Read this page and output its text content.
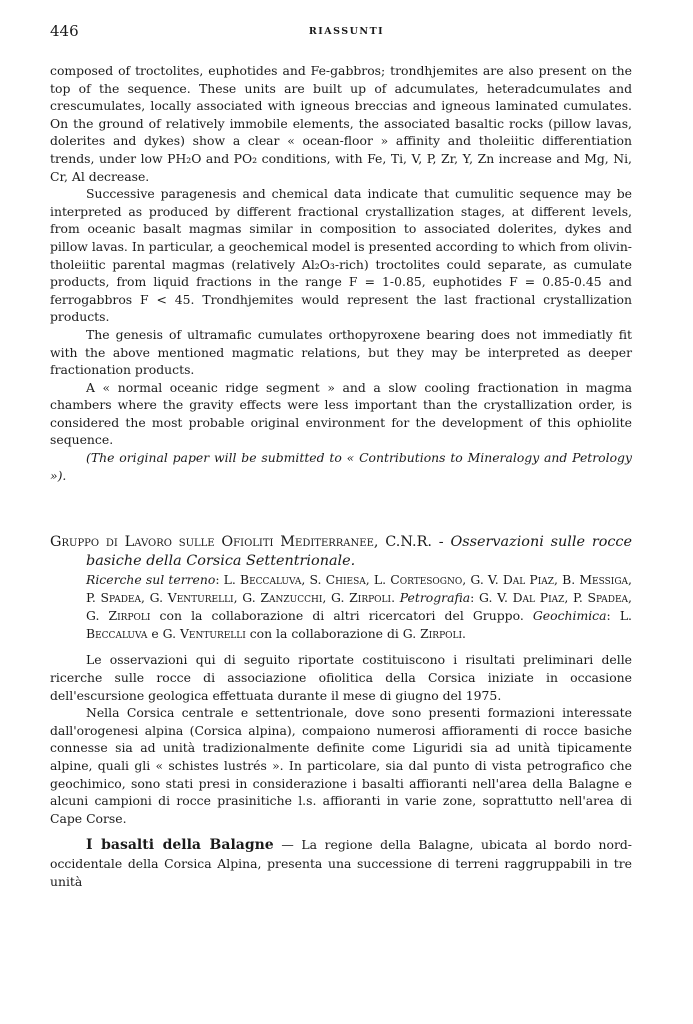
446	RIASSUNTI

composed of troctolites, euphotides and Fe-gabbros; trondhjemites are also present on the top of the sequence. These units are built up of adcumulates, heteradcumulates and crescumulates, locally associated with igneous breccias and igneous laminated cumulates. On the ground of relatively immobile elements, the associated basaltic rocks (pillow lavas, dolerites and dykes) show a clear « ocean-floor » affinity and tholeiitic differentiation trends, under low PH₂O and PO₂ conditions, with Fe, Ti, V, P, Zr, Y, Zn increase and Mg, Ni, Cr, Al decrease.

Successive paragenesis and chemical data indicate that cumulitic sequence may be interpreted as produced by different fractional crystallization stages, at different levels, from oceanic basalt magmas similar in composition to associated dolerites, dykes and pillow lavas. In particular, a geochemical model is presented according to which from olivin-tholeiitic parental magmas (relatively Al₂O₃-rich) troctolites could separate, as cumulate products, from liquid fractions in the range F = 1-0.85, euphotides F = 0.85-0.45 and ferrogabbros F < 45. Trondhjemites would represent the last fractional crystallization products.

The genesis of ultramafic cumulates orthopyroxene bearing does not immediatly fit with the above mentioned magmatic relations, but they may be interpreted as deeper fractionation products.

A « normal oceanic ridge segment » and a slow cooling fractionation in magma chambers where the gravity effects were less important than the crystallization order, is considered the most probable original environment for the development of this ophiolite sequence.

(The original paper will be submitted to « Contributions to Mineralogy and Petrology »).

Gruppo di Lavoro sulle Ofioliti Mediterranee, C.N.R. - Osservazioni sulle rocce basiche della Corsica Settentrionale.

Ricerche sul terreno: L. Beccaluva, S. Chiesa, L. Cortesogno, G. V. Dal Piaz, B. Messiga, P. Spadea, G. Venturelli, G. Zanzucchi, G. Zirpoli. Petrografia: G. V. Dal Piaz, P. Spadea, G. Zirpoli con la collaborazione di altri ricercatori del Gruppo. Geochimica: L. Beccaluva e G. Venturelli con la collaborazione di G. Zirpoli.

Le osservazioni qui di seguito riportate costituiscono i risultati preliminari delle ricerche sulle rocce di associazione ofiolitica della Corsica iniziate in occasione dell'escursione geologica effettuata durante il mese di giugno del 1975.

Nella Corsica centrale e settentrionale, dove sono presenti formazioni interessate dall'orogenesi alpina (Corsica alpina), compaiono numerosi affioramenti di rocce basiche connesse sia ad unità tradizionalmente definite come Liguridi sia ad unità tipicamente alpine, quali gli « schistes lustrés ». In particolare, sia dal punto di vista petrografico che geochimico, sono stati presi in considerazione i basalti affioranti nell'area della Balagne e alcuni campioni di rocce prasinitiche l.s. affioranti in varie zone, soprattutto nell'area di Cape Corse.

I basalti della Balagne — La regione della Balagne, ubicata al bordo nord-occidentale della Corsica Alpina, presenta una successione di terreni raggruppabili in tre unità
